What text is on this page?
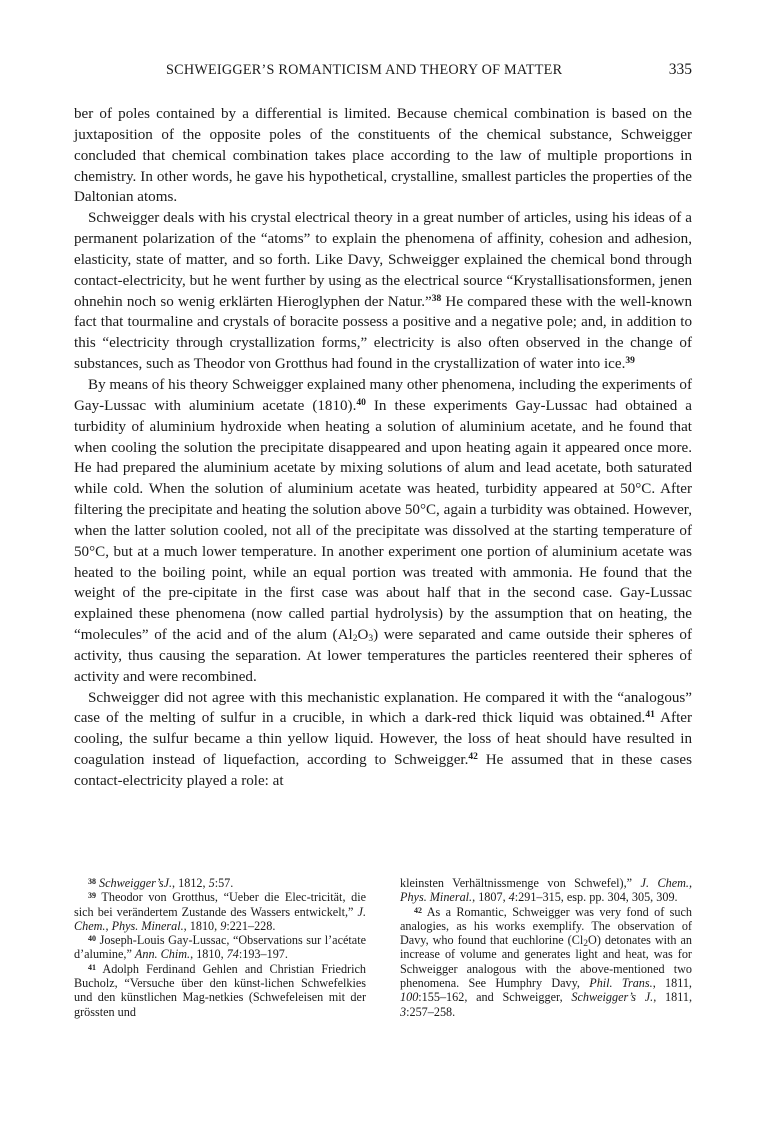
SCHWEIGGER’S ROMANTICISM AND THEORY OF MATTER	335

ber of poles contained by a differential is limited. Because chemical combination is based on the juxtaposition of the opposite poles of the constituents of the chemical substance, Schweigger concluded that chemical combination takes place according to the law of multiple proportions in chemistry. In other words, he gave his hypothetical, crystalline, smallest particles the properties of the Daltonian atoms.

Schweigger deals with his crystal electrical theory in a great number of articles, using his ideas of a permanent polarization of the “atoms” to explain the phenomena of affinity, cohesion and adhesion, elasticity, state of matter, and so forth. Like Davy, Schweigger explained the chemical bond through contact-electricity, but he went further by using as the electrical source “Krystallisationsformen, jenen ohnehin noch so wenig erklärten Hieroglyphen der Natur.”$^{38}$ He compared these with the well-known fact that tourmaline and crystals of boracite possess a positive and a negative pole; and, in addition to this “electricity through crystallization forms,” electricity is also often observed in the change of substances, such as Theodor von Grotthus had found in the crystallization of water into ice.$^{39}$

By means of his theory Schweigger explained many other phenomena, including the experiments of Gay-Lussac with aluminium acetate (1810).$^{40}$ In these experiments Gay-Lussac had obtained a turbidity of aluminium hydroxide when heating a solution of aluminium acetate, and he found that when cooling the solution the precipitate disappeared and upon heating again it appeared once more. He had prepared the aluminium acetate by mixing solutions of alum and lead acetate, both saturated while cold. When the solution of aluminium acetate was heated, turbidity appeared at 50°C. After filtering the precipitate and heating the solution above 50°C, again a turbidity was obtained. However, when the latter solution cooled, not all of the precipitate was dissolved at the starting temperature of 50°C, but at a much lower temperature. In another experiment one portion of aluminium acetate was heated to the boiling point, while an equal portion was treated with ammonia. He found that the weight of the pre-cipitate in the first case was about half that in the second case. Gay-Lussac explained these phenomena (now called partial hydrolysis) by the assumption that on heating, the “molecules” of the acid and of the alum $(Al_2O_3)$ were separated and came outside their spheres of activity, thus causing the separation. At lower temperatures the particles reentered their spheres of activity and were recombined.

Schweigger did not agree with this mechanistic explanation. He compared it with the “analogous” case of the melting of sulfur in a crucible, in which a dark-red thick liquid was obtained.$^{41}$ After cooling, the sulfur became a thin yellow liquid. However, the loss of heat should have resulted in coagulation instead of liquefaction, according to Schweigger.$^{42}$ He assumed that in these cases contact-electricity played a role: at

$^{38}$ Schweigger’sJ., 1812, 5:57.

$^{39}$ Theodor von Grotthus, “Ueber die Elec-tricität, die sich bei verändertem Zustande des Wassers entwickelt,” J. Chem., Phys. Mineral., 1810, 9:221–228.

$^{40}$ Joseph-Louis Gay-Lussac, “Observations sur l’acétate d’alumine,” Ann. Chim., 1810, 74:193–197.

$^{41}$ Adolph Ferdinand Gehlen and Christian Friedrich Bucholz, “Versuche über den künst-lichen Schwefelkies und den künstlichen Mag-netkies (Schwefeleisen mit der grössten und

kleinsten Verhältnissmenge von Schwefel),” J. Chem., Phys. Mineral., 1807, 4:291–315, esp. pp. 304, 305, 309.

$^{42}$ As a Romantic, Schweigger was very fond of such analogies, as his works exemplify. The observation of Davy, who found that euchlorine $(Cl_2O)$ detonates with an increase of volume and generates light and heat, was for Schweigger analogous with the above-mentioned two phenomena. See Humphry Davy, Phil. Trans., 1811, 100:155–162, and Schweigger, Schweigger’s J., 1811, 3:257–258.
